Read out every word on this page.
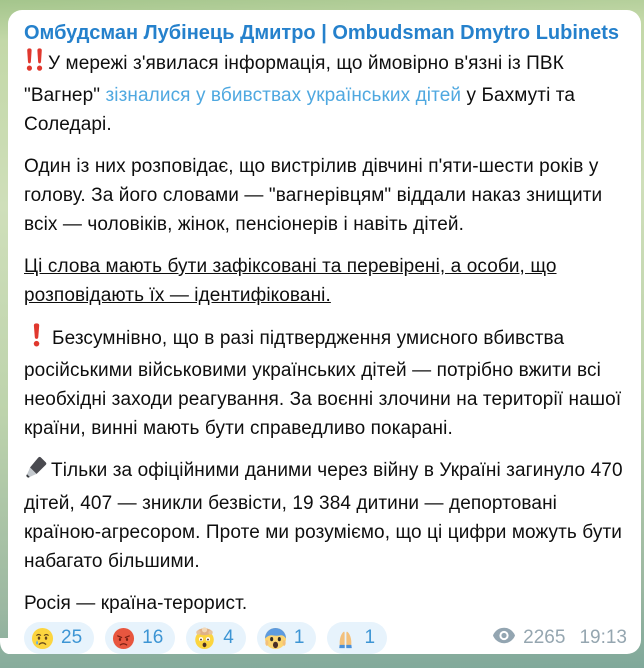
Омбудсман Лубінець Дмитро | Ombudsman Dmytro Lubinets

У мережі з'явилася інформація, що ймовірно в'язні із ПВК "Вагнер" зізналися у вбивствах українських дітей у Бахмуті та Соледарі.

Один із них розповідає, що вистрілив дівчині п'яти-шести років у голову. За його словами — "вагнерівцям" віддали наказ знищити всіх — чоловіків, жінок, пенсіонерів і навіть дітей.

Ці слова мають бути зафіксовані та перевірені, а особи, що розповідають їх — ідентифіковані.

Безсумнівно, що в разі підтвердження умисного вбивства російськими військовими українських дітей — потрібно вжити всі необхідні заходи реагування. За воєнні злочини на території нашої країни, винні мають бути справедливо покарані.

Тільки за офіційними даними через війну в Україні загинуло 470 дітей, 407 — зникли безвісти, 19 384 дитини — депортовані країною-агресором. Проте ми розуміємо, що ці цифри можуть бути набагато більшими.

Росія — країна-терорист.

25	16	4	1	1	2265 19:13
